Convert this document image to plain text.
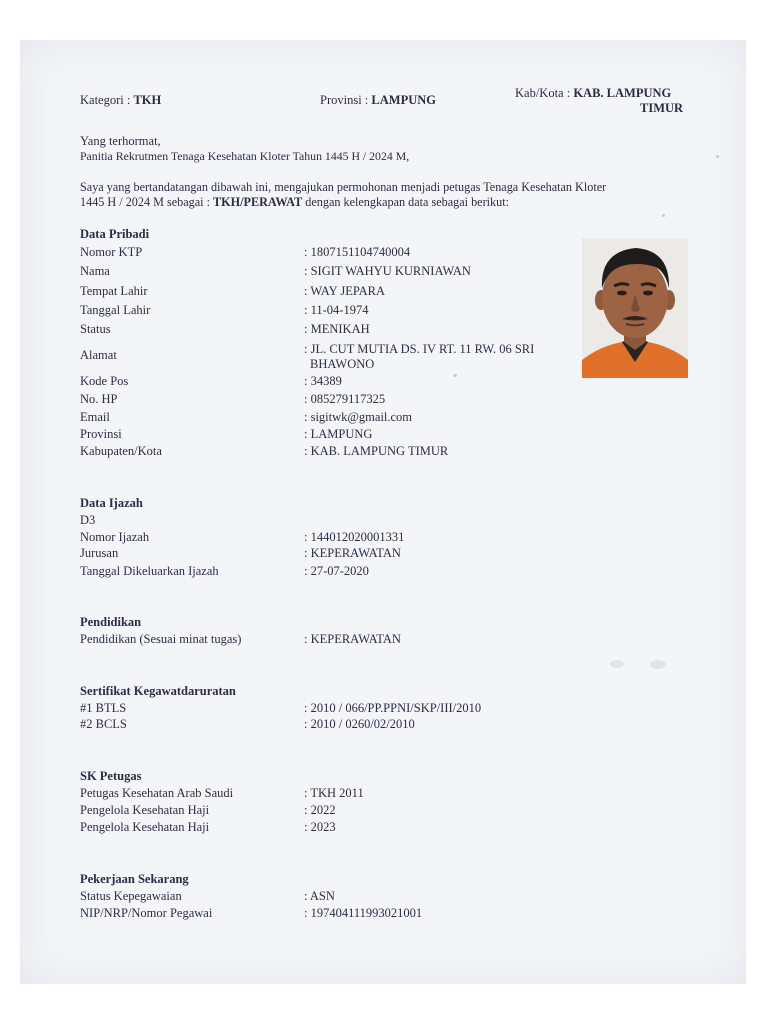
Kategori : TKH	Provinsi : LAMPUNG	Kab/Kota : KAB. LAMPUNG
TIMUR
Yang terhormat,
Panitia Rekrutmen Tenaga Kesehatan Kloter Tahun 1445 H / 2024 M,
Saya yang bertandatangan dibawah ini, mengajukan permohonan menjadi petugas Tenaga Kesehatan Kloter
1445 H / 2024 M sebagai : TKH/PERAWAT dengan kelengkapan data sebagai berikut:
Data Pribadi
Nomor KTP	: 1807151104740004
Nama	: SIGIT WAHYU KURNIAWAN
Tempat Lahir	: WAY JEPARA
Tanggal Lahir	: 11-04-1974
Status	: MENIKAH
Alamat	: JL. CUT MUTIA DS. IV RT. 11 RW. 06 SRI
BHAWONO
Kode Pos	: 34389
No. HP	: 085279117325
Email	: sigitwk@gmail.com
Provinsi	: LAMPUNG
Kabupaten/Kota	: KAB. LAMPUNG TIMUR
Data Ijazah
D3
Nomor Ijazah	: 144012020001331
Jurusan	: KEPERAWATAN
Tanggal Dikeluarkan Ijazah	: 27-07-2020
Pendidikan
Pendidikan (Sesuai minat tugas)	: KEPERAWATAN
Sertifikat Kegawatdaruratan
#1 BTLS	: 2010 / 066/PP.PPNI/SKP/III/2010
#2 BCLS	: 2010 / 0260/02/2010
SK Petugas
Petugas Kesehatan Arab Saudi	: TKH 2011
Pengelola Kesehatan Haji	: 2022
Pengelola Kesehatan Haji	: 2023
Pekerjaan Sekarang
Status Kepegawaian	: ASN
NIP/NRP/Nomor Pegawai	: 197404111993021001
